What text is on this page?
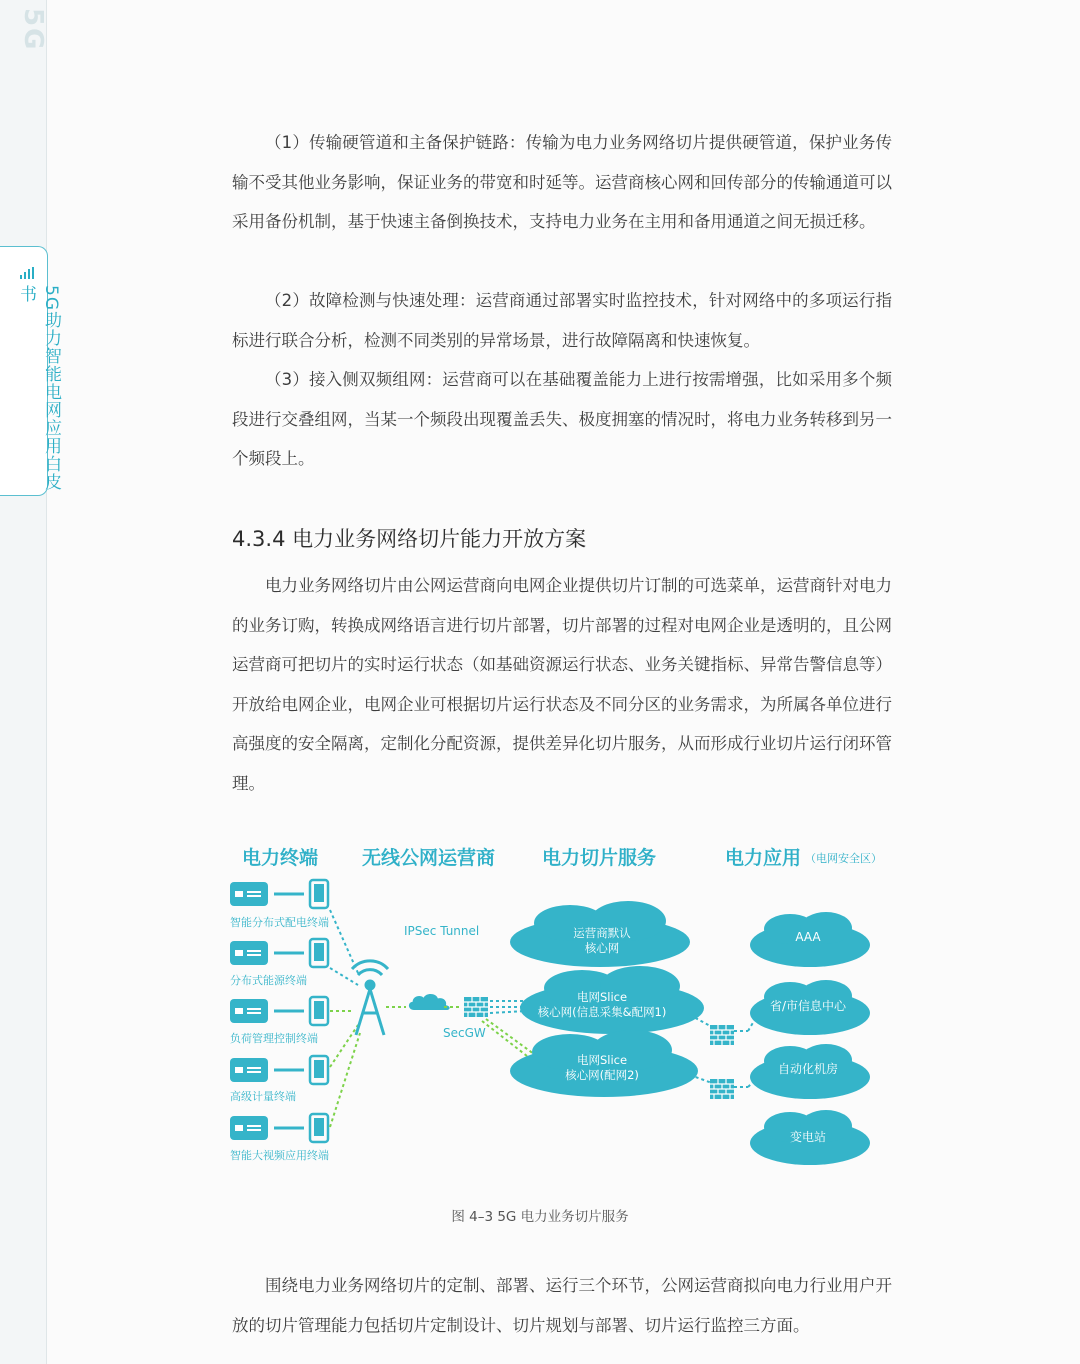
5G
5G助力智能电网应用白皮书

（1）传输硬管道和主备保护链路：传输为电力业务网络切片提供硬管道，保护业务传输不受其他业务影响，保证业务的带宽和时延等。运营商核心网和回传部分的传输通道可以采用备份机制，基于快速主备倒换技术，支持电力业务在主用和备用通道之间无损迁移。

（2）故障检测与快速处理：运营商通过部署实时监控技术，针对网络中的多项运行指标进行联合分析，检测不同类别的异常场景，进行故障隔离和快速恢复。

（3）接入侧双频组网：运营商可以在基础覆盖能力上进行按需增强，比如采用多个频段进行交叠组网，当某一个频段出现覆盖丢失、极度拥塞的情况时，将电力业务转移到另一个频段上。

4.3.4 电力业务网络切片能力开放方案

电力业务网络切片由公网运营商向电网企业提供切片订制的可选菜单，运营商针对电力的业务订购，转换成网络语言进行切片部署，切片部署的过程对电网企业是透明的，且公网运营商可把切片的实时运行状态（如基础资源运行状态、业务关键指标、异常告警信息等）开放给电网企业，电网企业可根据切片运行状态及不同分区的业务需求，为所属各单位进行高强度的安全隔离，定制化分配资源，提供差异化切片服务，从而形成行业切片运行闭环管理。

电力终端 无线公网运营商 电力切片服务	电力应用 （电网安全区）
智能分布式配电终端
分布式能源终端
负荷管理控制终端
高级计量终端
智能大视频应用终端
IPSec Tunnel
SecGW
运营商默认
核心网
电网Slice
核心网(信息采集&配网1)
电网Slice
核心网(配网2)
AAA
省/市信息中心
自动化机房
变电站
图 4–3 5G 电力业务切片服务

围绕电力业务网络切片的定制、部署、运行三个环节，公网运营商拟向电力行业用户开放的切片管理能力包括切片定制设计、切片规划与部署、切片运行监控三方面。
